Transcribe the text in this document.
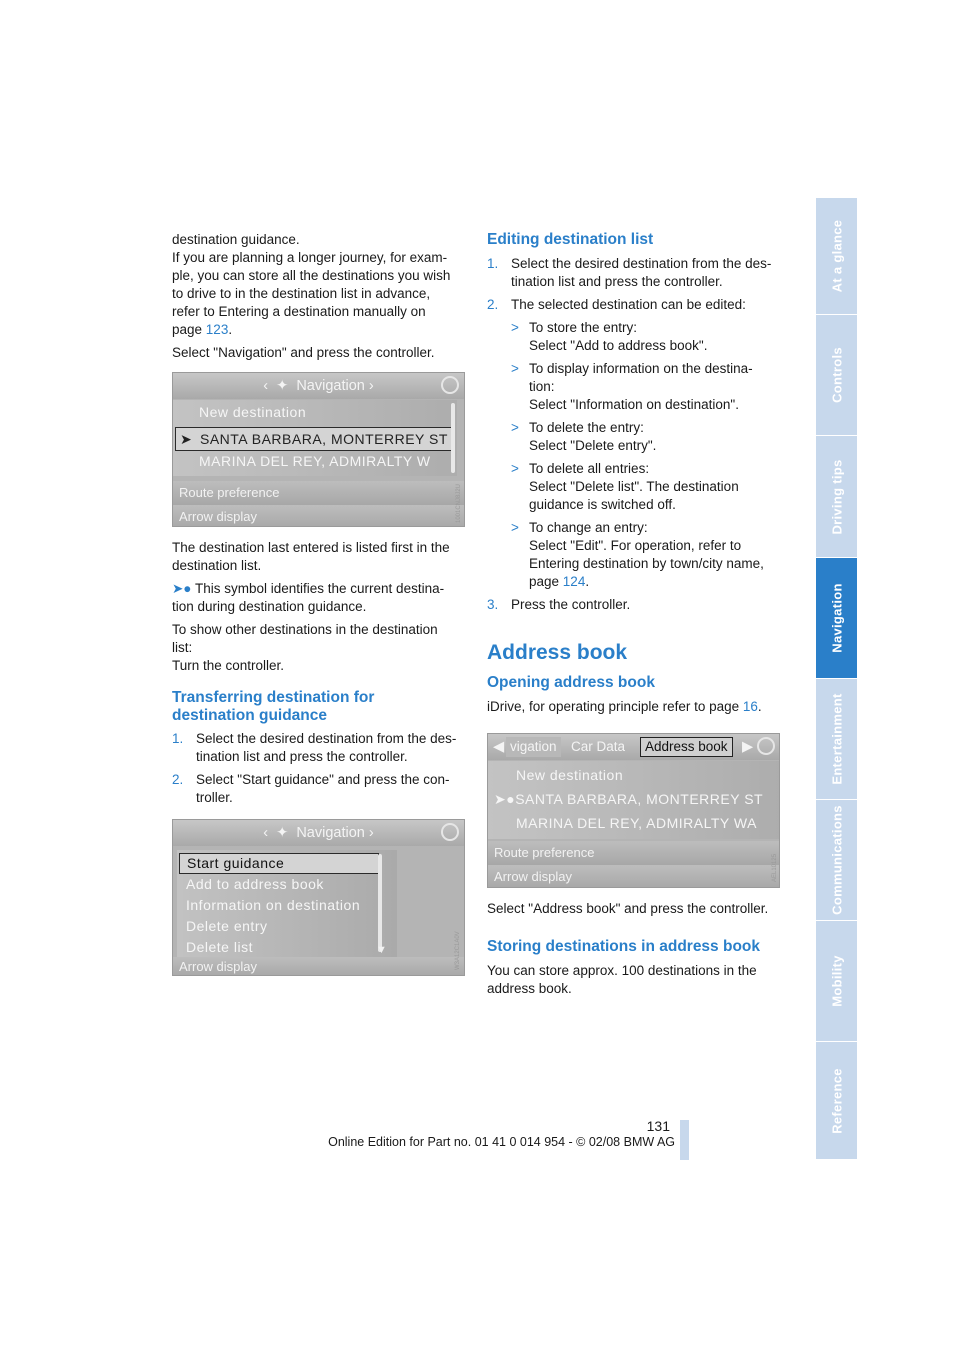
destination guidance.
If you are planning a longer journey, for exam-
ple, you can store all the destinations you wish
to drive to in the destination list in advance,
refer to Entering a destination manually on
page 123.

Select "Navigation" and press the controller.

‹ ✦ Navigation ›
New destination
➤ SANTA BARBARA, MONTERREY ST
MARINA DEL REY, ADMIRALTY W
Route preference
Arrow display	1001CNJ8J2U

The destination last entered is listed first in the destination list.

➤● This symbol identifies the current destina-
tion during destination guidance.

To show other destinations in the destination
list:
Turn the controller.

Transferring destination for
destination guidance
1. Select the desired destination from the des-
tination list and press the controller.
2. Select "Start guidance" and press the con-
troller.
‹ ✦ Navigation ›
Start guidance
Add to address book
Information on destination
Delete entry
Delete list	▼
Arrow display	W3A12C1A0V
Editing destination list
1. Select the desired destination from the des-
tination list and press the controller.
2. The selected destination can be edited:
> To store the entry:
Select "Add to address book".
> To display information on the destina-
tion:
Select "Information on destination".
> To delete the entry:
Select "Delete entry".
> To delete all entries:
Select "Delete list". The destination
guidance is switched off.
> To change an entry:
Select "Edit". For operation, refer to
Entering destination by town/city name,
page 124.
3. Press the controller.
Address book
Opening address book

iDrive, for operating principle refer to page 16.

◀ vigation Car Data	Address book ▶
New destination
➤●SANTA BARBARA, MONTERREY ST
MARINA DEL REY, ADMIRALTY WA
Route preference
Arrow display	AEL10125

Select "Address book" and press the controller.

Storing destinations in address book

You can store approx. 100 destinations in the
address book.

At a glance
Controls
Driving tips
Navigation
Entertainment
Communications
Mobility
Reference
131
Online Edition for Part no. 01 41 0 014 954 - © 02/08 BMW AG
